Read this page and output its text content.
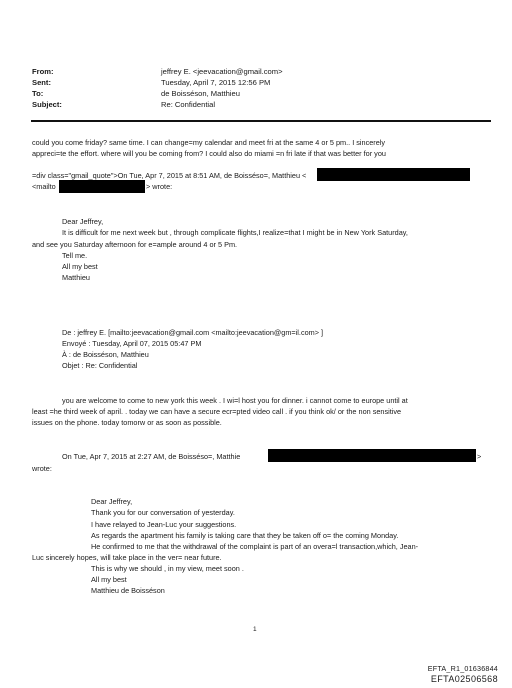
From:	jeffrey E. <jeevacation@gmail.com>
Sent:	Tuesday, April 7, 2015 12:56 PM
To:	de Boisséson, Matthieu
Subject:	Re: Confidential
could you come friday? same time. I can change=my calendar and meet fri at the same 4 or 5 pm.. I sincerely
appreci=te the effort. where will you be coming from? I could also do miami =n fri late if that was better for you
=div class="gmail_quote">On Tue, Apr 7, 2015 at 8:51 AM, de Boisséso=, Matthieu <
<mailto	> wrote:
Dear Jeffrey,
It is difficult for me next week but , through complicate flights,I realize=that I might be in New York Saturday,
and see you Saturday afternoon for e=ample around 4 or 5 Pm.
Tell me.
All my best
Matthieu
De : jeffrey E. [mailto:jeevacation@gmail.com <mailto:jeevacation@gm=il.com> ]
Envoyé : Tuesday, April 07, 2015 05:47 PM
À : de Boisséson, Matthieu
Objet : Re: Confidential
you are welcome to come to new york this week . I wi=l host you for dinner. i cannot come to europe until at
least =he third week of april. . today we can have a secure ecr=pted video call . if you think ok/ or the non sensitive
issues on the phone. today tomorw or as soon as possible.
On Tue, Apr 7, 2015 at 2:27 AM, de Boisséso=, Matthie	>
wrote:
Dear Jeffrey,
Thank you for our conversation of yesterday.
I have relayed to Jean-Luc your suggestions.
As regards the apartment his family is taking care that they be taken off o= the coming Monday.
He confirmed to me that the withdrawal of the complaint is part of an overa=l transaction,which, Jean-
Luc sincerely hopes, will take place in the ver= near future.
This is why we should , in my view, meet soon .
All my best
Matthieu de Boisséson
1
EFTA_R1_01636844
EFTA02506568
